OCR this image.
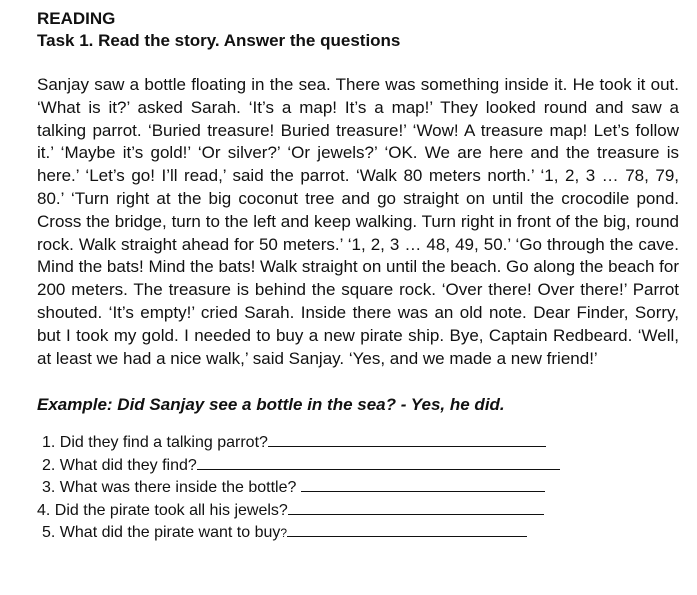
READING
Task 1. Read the story. Answer the questions
Sanjay saw a bottle floating in the sea. There was something inside it. He took it out. ‘What is it?’ asked Sarah. ‘It’s a map! It’s a map!’ They looked round and saw a talking parrot. ‘Buried treasure! Buried treasure!’ ‘Wow! A treasure map! Let’s follow it.’ ‘Maybe it’s gold!’ ‘Or silver?’ ‘Or jewels?’ ‘OK. We are here and the treasure is here.’ ‘Let’s go! I’ll read,’ said the parrot. ‘Walk 80 meters north.’ ‘1, 2, 3 … 78, 79, 80.’ ‘Turn right at the big coconut tree and go straight on until the crocodile pond. Cross the bridge, turn to the left and keep walking. Turn right in front of the big, round rock. Walk straight ahead for 50 meters.’ ‘1, 2, 3 … 48, 49, 50.’ ‘Go through the cave. Mind the bats! Mind the bats! Walk straight on until the beach. Go along the beach for 200 meters. The treasure is behind the square rock. ‘Over there! Over there!’ Parrot shouted. ‘It’s empty!’ cried Sarah. Inside there was an old note. Dear Finder, Sorry, but I took my gold. I needed to buy a new pirate ship. Bye, Captain Redbeard. ‘Well, at least we had a nice walk,’ said Sanjay. ‘Yes, and we made a new friend!’
Example: Did Sanjay see a bottle in the sea? - Yes, he did.
1. Did they find a talking parrot?
2. What did they find?
3. What was there inside the bottle?
4. Did the pirate took all his jewels?
5. What did the pirate want to buy?
